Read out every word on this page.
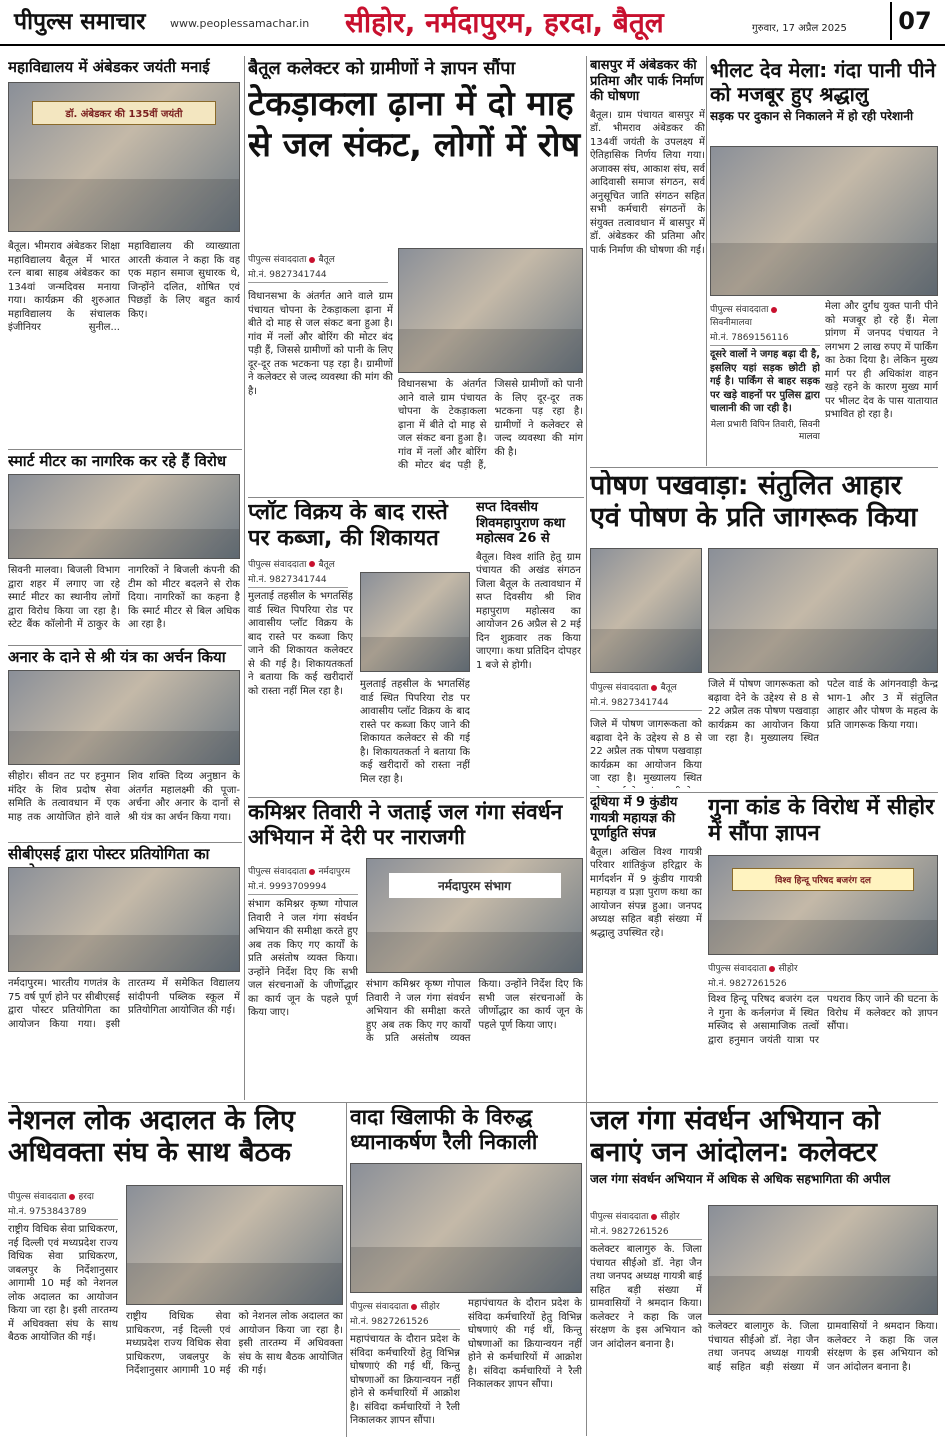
पीपुल्स समाचार www.peoplessamachar.in सीहोर, नर्मदापुरम, हरदा, बैतूल	गुरुवार, 17 अप्रैल 2025	07
महाविद्यालय में अंबेडकर जयंती मनाई
डॉ. अंबेडकर की 135वीं जयंती
बैतूल। भीमराव अंबेडकर शिक्षा महाविद्यालय बैतूल में भारत रत्न बाबा साहब अंबेडकर का 134वां जन्मदिवस मनाया गया। कार्यक्रम की शुरुआत महाविद्यालय के संचालक इंजीनियर सुनील... महाविद्यालय की व्याख्याता आरती कंवाल ने कहा कि वह एक महान समाज सुधारक थे, जिन्होंने दलित, शोषित एवं पिछड़ों के लिए बहुत कार्य किए।
बैतूल कलेक्टर को ग्रामीणों ने ज्ञापन सौंपा
टेकड़ाकला ढ़ाना में दो माह से जल संकट, लोगों में रोष
पीपुल्स संवाददाता बैतूल
मो.नं. 9827341744
विधानसभा के अंतर्गत आने वाले ग्राम पंचायत चोपना के टेकड़ाकला ढ़ाना में बीते दो माह से जल संकट बना हुआ है। गांव में नलों और बोरिंग की मोटर बंद पड़ी हैं, जिससे ग्रामीणों को पानी के लिए दूर-दूर तक भटकना पड़ रहा है। ग्रामीणों ने कलेक्टर से जल्द व्यवस्था की मांग की है।
विधानसभा के अंतर्गत आने वाले ग्राम पंचायत चोपना के टेकड़ाकला ढ़ाना में बीते दो माह से जल संकट बना हुआ है। गांव में नलों और बोरिंग की मोटर बंद पड़ी हैं, जिससे ग्रामीणों को पानी के लिए दूर-दूर तक भटकना पड़ रहा है। ग्रामीणों ने कलेक्टर से जल्द व्यवस्था की मांग की है।
बासपुर में अंबेडकर की प्रतिमा और पार्क निर्माण की घोषणा
बैतूल। ग्राम पंचायत बासपुर में डॉ. भीमराव अंबेडकर की 134वीं जयंती के उपलक्ष्य में ऐतिहासिक निर्णय लिया गया। अजाक्स संघ, आकाश संघ, सर्व आदिवासी समाज संगठन, सर्व अनुसूचित जाति संगठन सहित सभी कर्मचारी संगठनों के संयुक्त तत्वावधान में बासपुर में डॉ. अंबेडकर की प्रतिमा और पार्क निर्माण की घोषणा की गई।
भीलट देव मेला: गंदा पानी पीने को मजबूर हुए श्रद्धालु
सड़क पर दुकान से निकालने में हो रही परेशानी
पीपुल्स संवाददातासिवनीमालवा
मो.नं. 7869156116
मेला और दुर्गंध युक्त पानी पीने को मजबूर हो रहे हैं। मेला प्रांगण में जनपद पंचायत ने लगभग 2 लाख रुपए में पार्किंग का ठेका दिया है। लेकिन मुख्य मार्ग पर ही अधिकांश वाहन खड़े रहने के कारण मुख्य मार्ग पर भीलट देव के पास यातायात प्रभावित हो रहा है।
दूसरे वालों ने जगह बढ़ा दी है, इसलिए यहां सड़क छोटी हो गई है। पार्किंग से बाहर सड़क पर खड़े वाहनों पर पुलिस द्वारा चालानी की जा रही है।
मेला प्रभारी विपिन तिवारी, सिवनी मालवा
स्मार्ट मीटर का नागरिक कर रहे हैं विरोध
सिवनी मालवा। बिजली विभाग द्वारा शहर में लगाए जा रहे स्मार्ट मीटर का स्थानीय लोगों द्वारा विरोध किया जा रहा है। स्टेट बैंक कॉलोनी में ठाकुर के नागरिकों ने बिजली कंपनी की टीम को मीटर बदलने से रोक दिया। नागरिकों का कहना है कि स्मार्ट मीटर से बिल अधिक आ रहा है।
प्लॉट विक्रय के बाद रास्ते पर कब्जा, की शिकायत
पीपुल्स संवाददाता बैतूल
मो.नं. 9827341744
मुलताई तहसील के भगतसिंह वार्ड स्थित पिपरिया रोड पर आवासीय प्लॉट विक्रय के बाद रास्ते पर कब्जा किए जाने की शिकायत कलेक्टर से की गई है। शिकायतकर्ता ने बताया कि कई खरीदारों को रास्ता नहीं मिल रहा है।
मुलताई तहसील के भगतसिंह वार्ड स्थित पिपरिया रोड पर आवासीय प्लॉट विक्रय के बाद रास्ते पर कब्जा किए जाने की शिकायत कलेक्टर से की गई है। शिकायतकर्ता ने बताया कि कई खरीदारों को रास्ता नहीं मिल रहा है।
सप्त दिवसीय शिवमहापुराण कथा महोत्सव 26 से
बैतूल। विश्व शांति हेतु ग्राम पंचायत की अखंड संगठन जिला बैतूल के तत्वावधान में सप्त दिवसीय श्री शिव महापुराण महोत्सव का आयोजन 26 अप्रैल से 2 मई दिन शुक्रवार तक किया जाएगा। कथा प्रतिदिन दोपहर 1 बजे से होगी।
पोषण पखवाड़ा: संतुलित आहार एवं पोषण के प्रति जागरूक किया
पीपुल्स संवाददाता बैतूल
मो.नं. 9827341744
जिले में पोषण जागरूकता को बढ़ावा देने के उद्देश्य से 8 से 22 अप्रैल तक पोषण पखवाड़ा कार्यक्रम का आयोजन किया जा रहा है। मुख्यालय स्थित
जिले में पोषण जागरूकता को बढ़ावा देने के उद्देश्य से 8 से 22 अप्रैल तक पोषण पखवाड़ा कार्यक्रम का आयोजन किया जा रहा है। मुख्यालय स्थित पटेल वार्ड के आंगनवाड़ी केन्द्र भाग-1 और 3 में संतुलित आहार और पोषण के महत्व के प्रति जागरूक किया गया।
अनार के दाने से श्री यंत्र का अर्चन किया
सीहोर। सीवन तट पर हनुमान मंदिर के शिव प्रदोष सेवा समिति के तत्वावधान में एक माह तक आयोजित होने वाले शिव शक्ति दिव्य अनुष्ठान के अंतर्गत महालक्ष्मी की पूजा-अर्चना और अनार के दानों से श्री यंत्र का अर्चन किया गया। कमिश्नर तिवारी ने जताई जल गंगा संवर्धन अभियान में देरी पर नाराजगी
पीपुल्स संवाददाता नर्मदापुरम
मो.नं. 9993709994	नर्मदापुरम संभाग
संभाग कमिश्नर कृष्ण गोपाल तिवारी ने जल गंगा संवर्धन अभियान की समीक्षा करते हुए अब तक किए गए कार्यों के प्रति असंतोष व्यक्त किया। उन्होंने निर्देश दिए कि सभी जल संरचनाओं के जीर्णोद्धार का कार्य जून के पहले पूर्ण किया जाए।
संभाग कमिश्नर कृष्ण गोपाल तिवारी ने जल गंगा संवर्धन अभियान की समीक्षा करते हुए अब तक किए गए कार्यों के प्रति असंतोष व्यक्त किया। उन्होंने निर्देश दिए कि सभी जल संरचनाओं के जीर्णोद्धार का कार्य जून के पहले पूर्ण किया जाए।
दूधिया में 9 कुंडीय गायत्री महायज्ञ की पूर्णाहुति संपन्न
बैतूल। अखिल विश्व गायत्री परिवार शांतिकुंज हरिद्वार के मार्गदर्शन में 9 कुंडीय गायत्री महायज्ञ व प्रज्ञा पुराण कथा का आयोजन संपन्न हुआ। जनपद अध्यक्ष सहित बड़ी संख्या में श्रद्धालु उपस्थित रहे।
गुना कांड के विरोध में सीहोर में सौंपा ज्ञापन
विश्व हिन्दू परिषद बजरंग दल
पीपुल्स संवाददाता सीहोर
मो.नं. 9827261526
विश्व हिन्दू परिषद बजरंग दल ने गुना के कर्नलगंज में स्थित मस्जिद से असामाजिक तत्वों द्वारा हनुमान जयंती यात्रा पर पथराव किए जाने की घटना के विरोध में कलेक्टर को ज्ञापन सौंपा।
सीबीएसई द्वारा पोस्टर प्रतियोगिता का
नर्मदापुरम। भारतीय गणतंत्र के 75 वर्ष पूर्ण होने पर सीबीएसई द्वारा पोस्टर प्रतियोगिता का आयोजन किया गया। इसी तारतम्य में समेकित विद्यालय सांदीपनी पब्लिक स्कूल में प्रतियोगिता आयोजित की गई।
नेशनल लोक अदालत के लिए अधिवक्ता संघ के साथ बैठक
पीपुल्स संवाददाता हरदा
मो.नं. 9753843789
राष्ट्रीय विधिक सेवा प्राधिकरण, नई दिल्ली एवं मध्यप्रदेश राज्य विधिक सेवा प्राधिकरण, जबलपुर के निर्देशानुसार आगामी 10 मई को नेशनल लोक अदालत का आयोजन किया जा रहा है। इसी तारतम्य में अधिवक्ता संघ के साथ बैठक आयोजित की गई।
राष्ट्रीय विधिक सेवा प्राधिकरण, नई दिल्ली एवं मध्यप्रदेश राज्य विधिक सेवा प्राधिकरण, जबलपुर के निर्देशानुसार आगामी 10 मई को नेशनल लोक अदालत का आयोजन किया जा रहा है। इसी तारतम्य में अधिवक्ता संघ के साथ बैठक आयोजित की गई।
वादा खिलाफी के विरुद्ध ध्यानाकर्षण रैली निकाली
पीपुल्स संवाददाता सीहोर
मो.नं. 9827261526
महापंचायत के दौरान प्रदेश के संविदा कर्मचारियों हेतु विभिन्न घोषणाएं की गई थीं, किन्तु घोषणाओं का क्रियान्वयन नहीं होने से कर्मचारियों में आक्रोश है। संविदा कर्मचारियों ने रैली निकालकर ज्ञापन सौंपा।
महापंचायत के दौरान प्रदेश के संविदा कर्मचारियों हेतु विभिन्न घोषणाएं की गई थीं, किन्तु घोषणाओं का क्रियान्वयन नहीं होने से कर्मचारियों में आक्रोश है। संविदा कर्मचारियों ने रैली निकालकर ज्ञापन सौंपा।
जल गंगा संवर्धन अभियान को बनाएं जन आंदोलन: कलेक्टर
जल गंगा संवर्धन अभियान में अधिक से अधिक सहभागिता की अपील
पीपुल्स संवाददाता सीहोर
मो.नं. 9827261526
कलेक्टर बालागुरु के. जिला पंचायत सीईओ डॉ. नेहा जैन तथा जनपद अध्यक्ष गायत्री बाई सहित बड़ी संख्या में ग्रामवासियों ने श्रमदान किया। कलेक्टर ने कहा कि जल संरक्षण के इस अभियान को जन आंदोलन बनाना है।
कलेक्टर बालागुरु के. जिला पंचायत सीईओ डॉ. नेहा जैन तथा जनपद अध्यक्ष गायत्री बाई सहित बड़ी संख्या में ग्रामवासियों ने श्रमदान किया। कलेक्टर ने कहा कि जल संरक्षण के इस अभियान को जन आंदोलन बनाना है।
